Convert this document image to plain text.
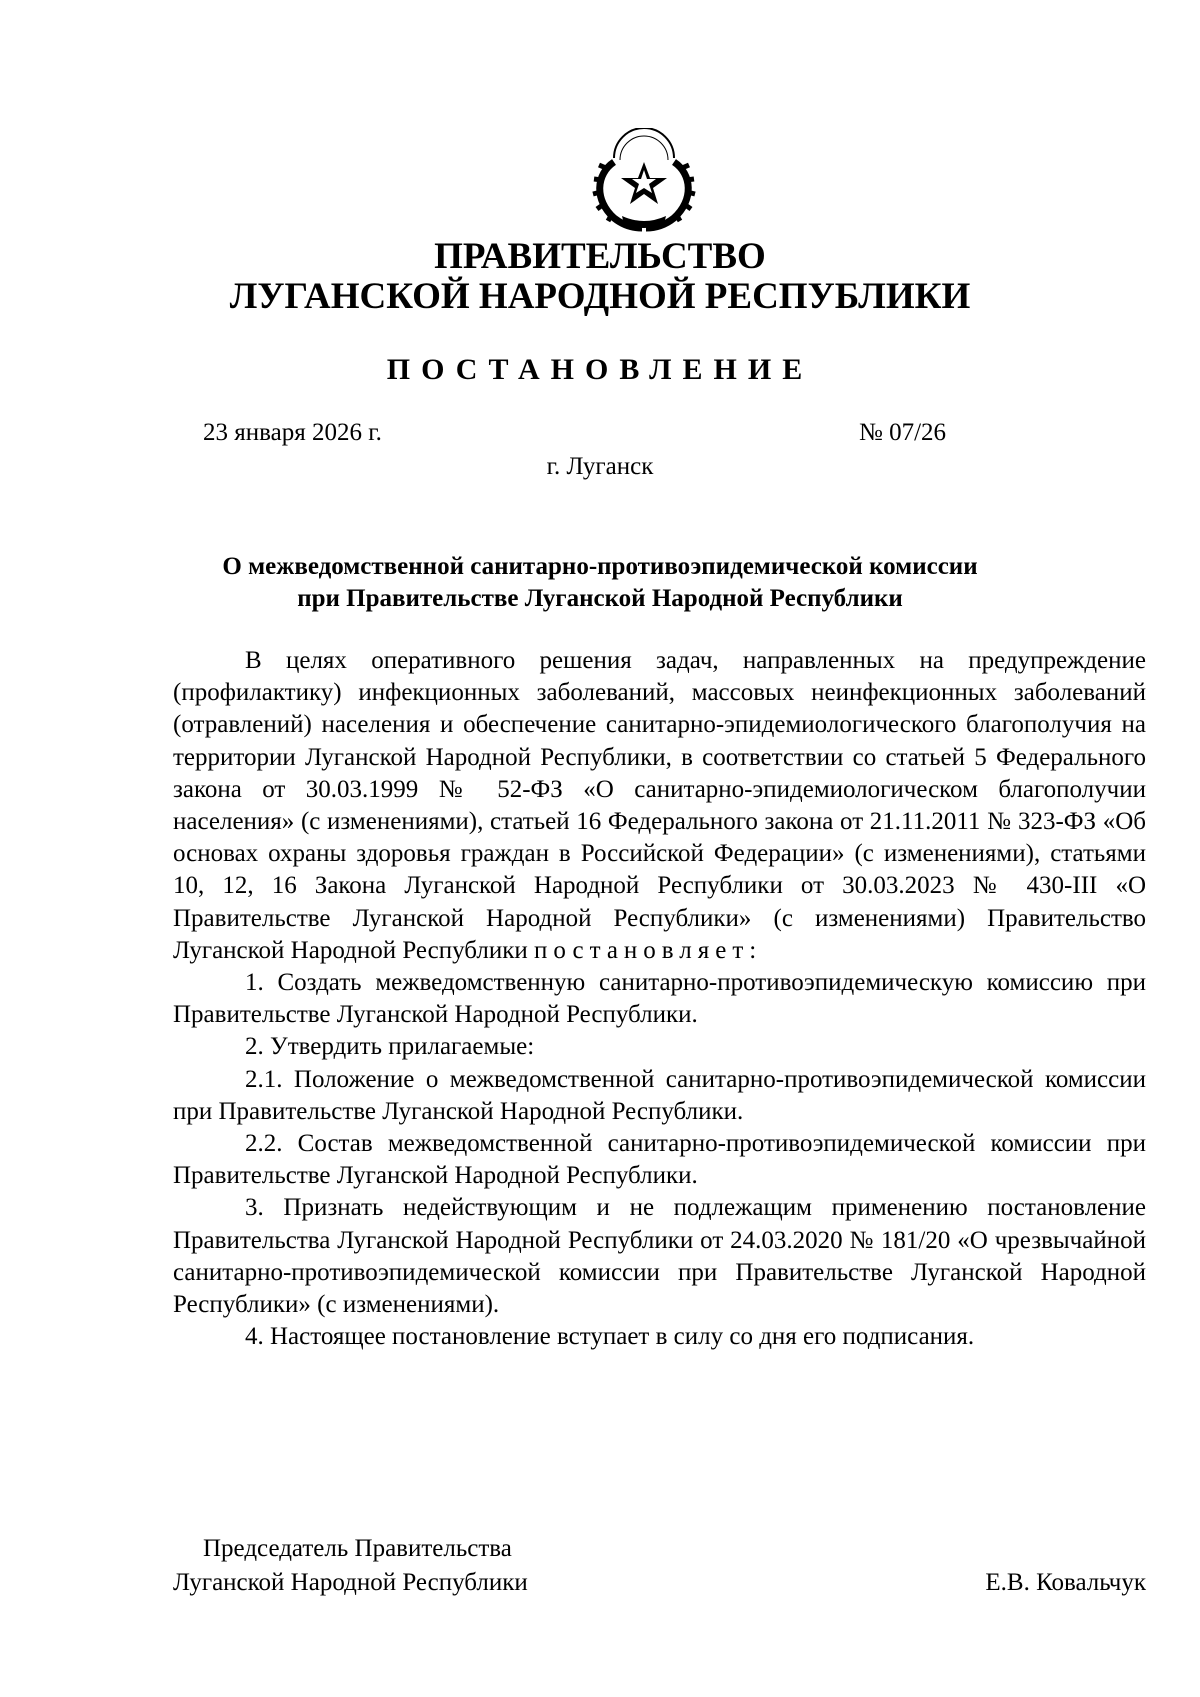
ПРАВИТЕЛЬСТВО
ЛУГАНСКОЙ НАРОДНОЙ РЕСПУБЛИКИ
ПОСТАНОВЛЕНИЕ
23 января 2026 г.	№ 07/26
г. Луганск
О межведомственной санитарно-противоэпидемической комиссии
при Правительстве Луганской Народной Республики

В целях оперативного решения задач, направленных на предупреждение (профилактику) инфекционных заболеваний, массовых неинфекционных заболеваний (отравлений) населения и обеспечение санитарно-эпидемиологического благополучия на территории Луганской Народной Республики, в соответствии со статьей 5 Федерального закона от 30.03.1999 № 52-ФЗ «О санитарно-эпидемиологическом благополучии населения» (с изменениями), статьей 16 Федерального закона от 21.11.2011 № 323-ФЗ «Об основах охраны здоровья граждан в Российской Федерации» (с изменениями), статьями 10, 12, 16 Закона Луганской Народной Республики от 30.03.2023 № 430-III «О Правительстве Луганской Народной Республики» (с изменениями) Правительство Луганской Народной Республики постановляет:

1. Создать межведомственную санитарно-противоэпидемическую комиссию при Правительстве Луганской Народной Республики.

2. Утвердить прилагаемые:

2.1. Положение о межведомственной санитарно-противоэпидемической комиссии при Правительстве Луганской Народной Республики.

2.2. Состав межведомственной санитарно-противоэпидемической комиссии при Правительстве Луганской Народной Республики.

3. Признать недействующим и не подлежащим применению постановление Правительства Луганской Народной Республики от 24.03.2020 № 181/20 «О чрезвычайной санитарно-противоэпидемической комиссии при Правительстве Луганской Народной Республики» (с изменениями).

4. Настоящее постановление вступает в силу со дня его подписания.

Председатель Правительства
Луганской Народной Республики	Е.В. Ковальчук
